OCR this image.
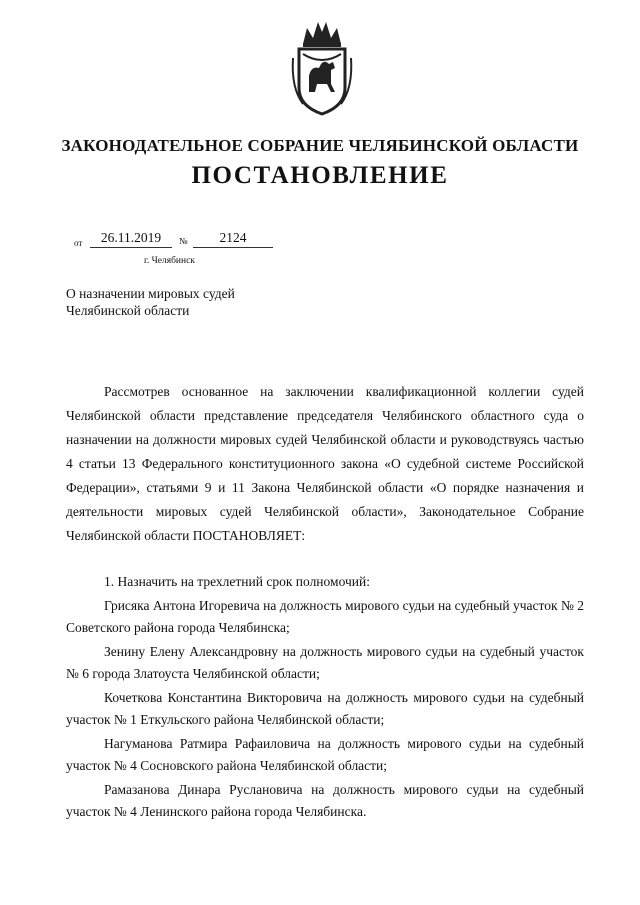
ЗАКОНОДАТЕЛЬНОЕ СОБРАНИЕ ЧЕЛЯБИНСКОЙ ОБЛАСТИ
ПОСТАНОВЛЕНИЕ
от	26.11.2019	№	2124
г. Челябинск
О назначении мировых судей Челябинской области

Рассмотрев основанное на заключении квалификационной коллегии судей Челябинской области представление председателя Челябинского областного суда о назначении на должности мировых судей Челябинской области и руководствуясь частью 4 статьи 13 Федерального конституционного закона «О судебной системе Российской Федерации», статьями 9 и 11 Закона Челябинской области «О порядке назначения и деятельности мировых судей Челябинской области», Законодательное Собрание Челябинской области ПОСТАНОВЛЯЕТ:

1. Назначить на трехлетний срок полномочий:

Грисяка Антона Игоревича на должность мирового судьи на судебный участок № 2 Советского района города Челябинска;

Зенину Елену Александровну на должность мирового судьи на судебный участок № 6 города Златоуста Челябинской области;

Кочеткова Константина Викторовича на должность мирового судьи на судебный участок № 1 Еткульского района Челябинской области;

Нагуманова Ратмира Рафаиловича на должность мирового судьи на судебный участок № 4 Сосновского района Челябинской области;

Рамазанова Динара Руслановича на должность мирового судьи на судебный участок № 4 Ленинского района города Челябинска.
